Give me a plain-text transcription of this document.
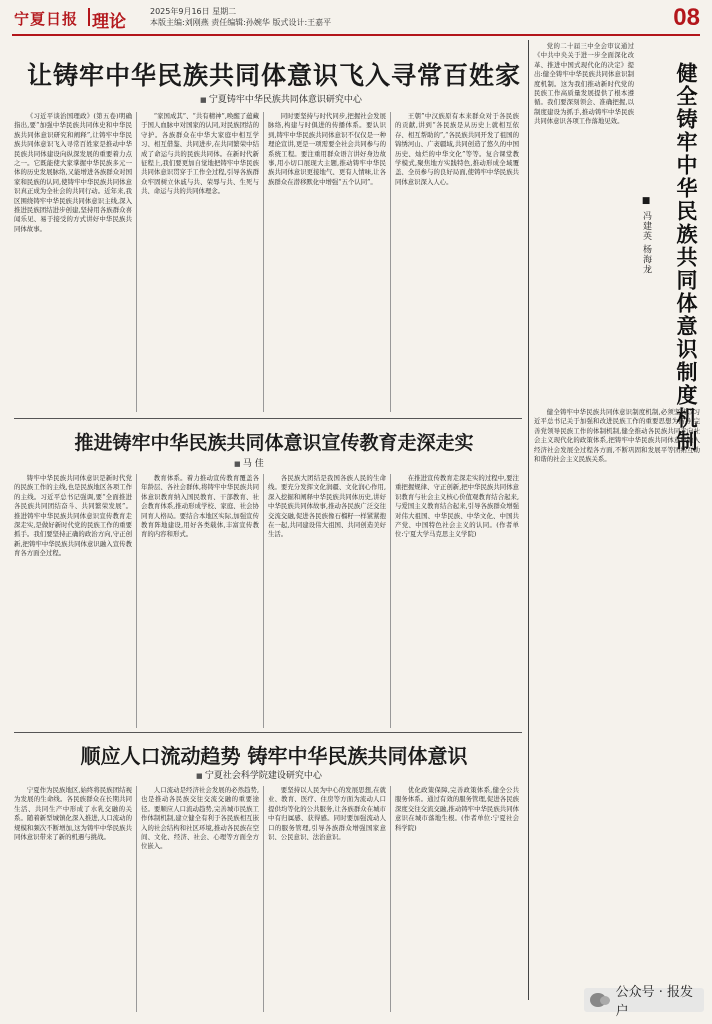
宁夏日报 理论
2025年9月16日 星期二
本版主编:刘刚燕 责任编辑:孙婉华 版式设计:王嘉平	08
让铸牢中华民族共同体意识飞入寻常百姓家
■ 宁夏铸牢中华民族共同体意识研究中心

《习近平谈治国理政》(第五卷)明确指出,要“加强中华民族共同体史和中华民族共同体意识研究和阐释”,让铸牢中华民族共同体意识飞入寻常百姓家是推动中华民族共同体建设向纵深发展的重要着力点之一。它既能使大家掌握中华民族多元一体的历史发展脉络,又能增进各族群众对国家和民族的认同,使铸牢中华民族共同体意识真正成为全社会的共同行动。近年来,我区围绕铸牢中华民族共同体意识主线,深入推进民族团结进步创建,坚持用各族群众喜闻乐见、易于接受的方式讲好中华民族共同体故事。

“家国成其”、“共有精神”,唤醒了蕴藏于国人血脉中对国家的认同,对民族团结的守护。各族群众在中华大家庭中相互学习、相互借鉴、共同进步,在共同繁荣中结成了命运与共的民族共同体。在新时代新征程上,我们要更加自觉地把铸牢中华民族共同体意识贯穿于工作全过程,引导各族群众牢固树立休戚与共、荣辱与共、生死与共、命运与共的共同体理念。

同时要坚持与时代同步,把握社会发展脉络,构建与时俱进的传播体系。要认识到,铸牢中华民族共同体意识不仅仅是一种理论宣讲,更是一项需要全社会共同参与的系统工程。要注重用群众语言讲好身边故事,用小切口展现大主题,推动铸牢中华民族共同体意识更接地气、更有人情味,让各族群众在潜移默化中增强“五个认同”。

王朝”中汉族原有本来群众对于各民族的贡献,讲到“各民族是从历史上就相互依存、相互帮助的”,“各民族共同开发了祖国的锦绣河山、广袤疆域,共同创造了悠久的中国历史、灿烂的中华文化”等等。复合课堂教学模式,聚焦地方实践特色,推动形成全域覆盖、全员参与的良好局面,使铸牢中华民族共同体意识深入人心。

党的二十届三中全会审议通过《中共中央关于进一步全面深化改革、推进中国式现代化的决定》提出:健全铸牢中华民族共同体意识制度机制。这为我们推动新时代党的民族工作高质量发展提供了根本遵循。我们要深刻领会、准确把握,以制度建设为抓手,推动铸牢中华民族共同体意识各项工作落地见效。

■ 冯建英 杨海龙	健全铸牢中华民族共同体意识制度机制

健全铸牢中华民族共同体意识制度机制,必须坚持以习近平总书记关于加强和改进民族工作的重要思想为指导,完善党领导民族工作的体制机制,健全推动各民族共同走向社会主义现代化的政策体系,把铸牢中华民族共同体意识融入经济社会发展全过程各方面,不断巩固和发展平等团结互助和谐的社会主义民族关系。

推进铸牢中华民族共同体意识宣传教育走深走实
■ 马 佳

铸牢中华民族共同体意识是新时代党的民族工作的主线,也是民族地区各项工作的主线。习近平总书记强调,要“全面推进各民族共同团结奋斗、共同繁荣发展”。推进铸牢中华民族共同体意识宣传教育走深走实,是做好新时代党的民族工作的重要抓手。我们要坚持正确的政治方向,守正创新,把铸牢中华民族共同体意识融入宣传教育各方面全过程。

教育体系。着力推动宣传教育覆盖各年龄层、各社会群体,将铸牢中华民族共同体意识教育纳入国民教育、干部教育、社会教育体系,推动形成学校、家庭、社会协同育人格局。要结合本地区实际,加强宣传教育阵地建设,用好各类载体,丰富宣传教育的内容和形式。

各民族大团结是我国各族人民的生命线。要充分发挥文化润疆、文化润心作用,深入挖掘和阐释中华民族共同体历史,讲好中华民族共同体故事,推动各民族广泛交往交流交融,促进各民族像石榴籽一样紧紧抱在一起,共同建设伟大祖国、共同创造美好生活。

在推进宣传教育走深走实的过程中,要注重把握规律、守正创新,把中华民族共同体意识教育与社会主义核心价值观教育结合起来,与爱国主义教育结合起来,引导各族群众增强对伟大祖国、中华民族、中华文化、中国共产党、中国特色社会主义的认同。(作者单位:宁夏大学马克思主义学院)

顺应人口流动趋势 铸牢中华民族共同体意识
■ 宁夏社会科学院建设研究中心

宁夏作为民族地区,始终将民族团结视为发展的生命线。各民族群众在长期共同生活、共同生产中形成了水乳交融的关系。随着新型城镇化深入推进,人口流动的规模和频次不断增加,这为铸牢中华民族共同体意识带来了新的机遇与挑战。

人口流动是经济社会发展的必然趋势,也是推动各民族交往交流交融的重要途径。要顺应人口流动趋势,完善城市民族工作体制机制,建立健全有利于各民族相互嵌入的社会结构和社区环境,推动各民族在空间、文化、经济、社会、心理等方面全方位嵌入。

要坚持以人民为中心的发展思想,在就业、教育、医疗、住房等方面为流动人口提供均等化的公共服务,让各族群众在城市中有归属感、获得感。同时要加强流动人口的服务管理,引导各族群众增强国家意识、公民意识、法治意识。

优化政策保障,完善政策体系,健全公共服务体系。通过有效的服务管理,促进各民族深度交往交流交融,推动铸牢中华民族共同体意识在城市落地生根。(作者单位:宁夏社会科学院)

公众号 · 报发户
